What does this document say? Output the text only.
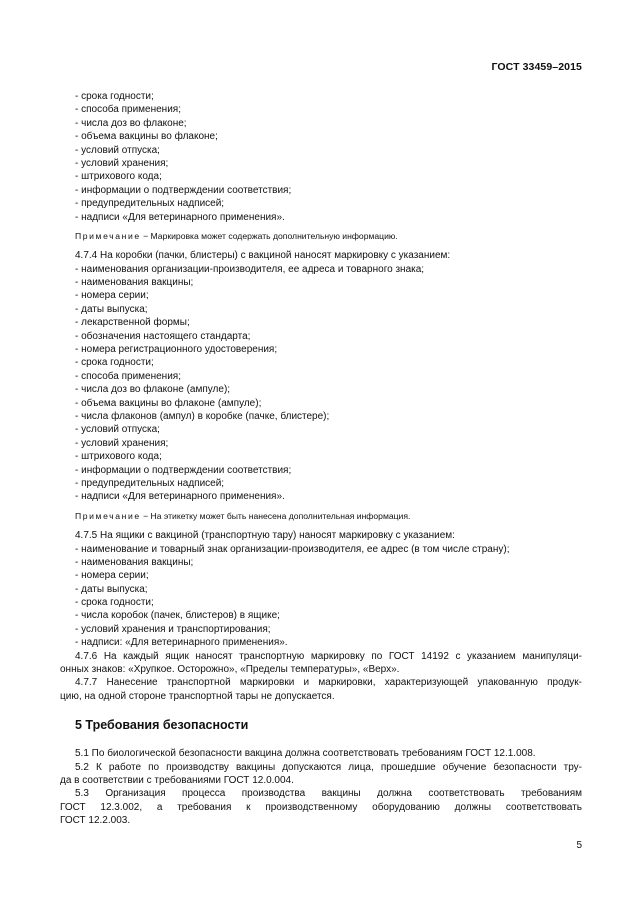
ГОСТ 33459–2015
- срока годности;
- способа применения;
- числа доз во флаконе;
- объема вакцины во флаконе;
- условий отпуска;
- условий хранения;
- штрихового кода;
- информации о подтверждении соответствия;
- предупредительных надписей;
- надписи «Для ветеринарного применения».
Примечание − Маркировка может содержать дополнительную информацию.
4.7.4 На коробки (пачки, блистеры) с вакциной наносят маркировку с указанием:
- наименования организации-производителя, ее адреса и товарного знака;
- наименования вакцины;
- номера серии;
- даты выпуска;
- лекарственной формы;
- обозначения настоящего стандарта;
- номера регистрационного удостоверения;
- срока годности;
- способа применения;
- числа доз во флаконе (ампуле);
- объема вакцины во флаконе (ампуле);
- числа флаконов (ампул) в коробке (пачке, блистере);
- условий отпуска;
- условий хранения;
- штрихового кода;
- информации о подтверждении соответствия;
- предупредительных надписей;
- надписи «Для ветеринарного применения».
Примечание − На этикетку может быть нанесена дополнительная информация.
4.7.5 На ящики с вакциной (транспортную тару) наносят маркировку с указанием:
- наименование и товарный знак организации-производителя, ее адрес (в том числе страну);
- наименования вакцины;
- номера серии;
- даты выпуска;
- срока годности;
- числа коробок (пачек, блистеров) в ящике;
- условий хранения и транспортирования;
- надписи: «Для ветеринарного применения».
4.7.6 На каждый ящик наносят транспортную маркировку по ГОСТ 14192 с указанием манипуляци-
онных знаков: «Хрупкое. Осторожно», «Пределы температуры», «Верх».
4.7.7 Нанесение транспортной маркировки и маркировки, характеризующей упакованную продук-
цию, на одной стороне транспортной тары не допускается.
5 Требования безопасности
5.1 По биологической безопасности вакцина должна соответствовать требованиям ГОСТ 12.1.008.
5.2 К работе по производству вакцины допускаются лица, прошедшие обучение безопасности тру-
да в соответствии с требованиями ГОСТ 12.0.004.
5.3 Организация процесса производства вакцины должна соответствовать требованиям
ГОСТ 12.3.002, а требования к производственному оборудованию должны соответствовать
ГОСТ 12.2.003.
5
